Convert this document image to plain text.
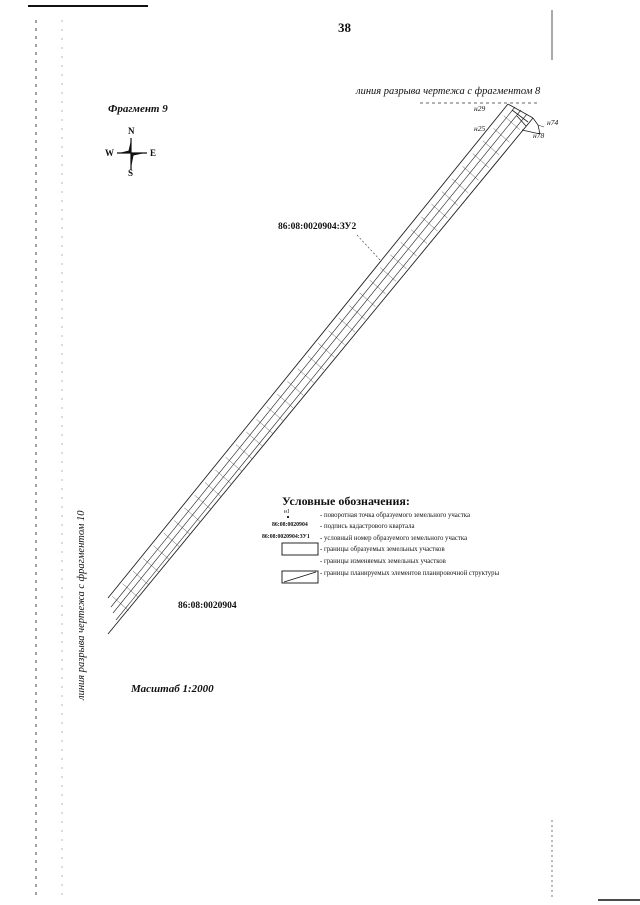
38
Фрагмент 9
линия разрыва чертежа с фрагментом 8
линия разрыва чертежа с фрагментом 10
N
S
W	E
86:08:0020904:ЗУ2
86:08:0020904
н29
н25
н74
н78
Масштаб 1:2000
Условные обозначения:
н1
86:08:0020904
86:08:0020904:ЗУ1
- поворотная точка образуемого земельного участка
- подпись кадастрового квартала
- условный номер образуемого земельного участка
- границы образуемых земельных участков
- границы изменяемых земельных участков
- границы планируемых элементов планировочной структуры
